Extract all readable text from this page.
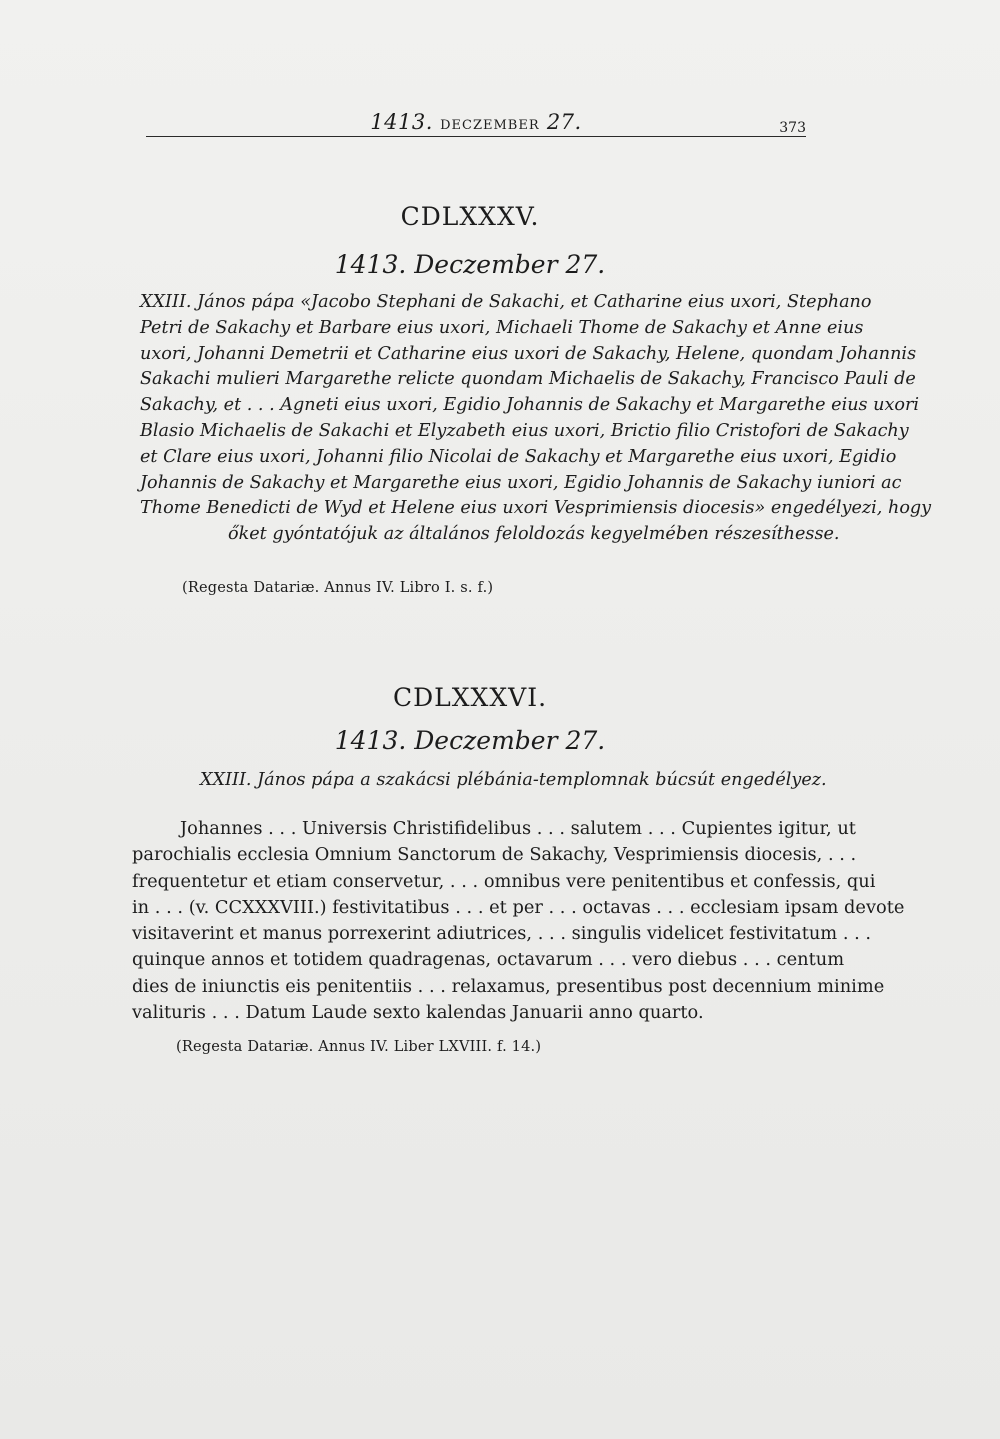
1413. DECZEMBER 27.	373
CDLXXXV.
1413. Deczember 27.
XXIII. János pápa «Jacobo Stephani de Sakachi, et Catharine eius uxori, Stephano
Petri de Sakachy et Barbare eius uxori, Michaeli Thome de Sakachy et Anne eius
uxori, Johanni Demetrii et Catharine eius uxori de Sakachy, Helene, quondam Johannis
Sakachi mulieri Margarethe relicte quondam Michaelis de Sakachy, Francisco Pauli de
Sakachy, et . . . Agneti eius uxori, Egidio Johannis de Sakachy et Margarethe eius uxori
Blasio Michaelis de Sakachi et Elyzabeth eius uxori, Brictio filio Cristofori de Sakachy
et Clare eius uxori, Johanni filio Nicolai de Sakachy et Margarethe eius uxori, Egidio
Johannis de Sakachy et Margarethe eius uxori, Egidio Johannis de Sakachy iuniori ac
Thome Benedicti de Wyd et Helene eius uxori Vesprimiensis diocesis» engedélyezi, hogy
őket gyóntatójuk az általános feloldozás kegyelmében részesíthesse.
(Regesta Datariæ. Annus IV. Libro I. s. f.)
CDLXXXVI.
1413. Deczember 27.
XXIII. János pápa a szakácsi plébánia-templomnak búcsút engedélyez.
Johannes . . . Universis Christifidelibus . . . salutem . . . Cupientes igitur, ut
parochialis ecclesia Omnium Sanctorum de Sakachy, Vesprimiensis diocesis, . . .
frequentetur et etiam conservetur, . . . omnibus vere penitentibus et confessis, qui
in . . . (v. CCXXXVIII.) festivitatibus . . . et per . . . octavas . . . ecclesiam ipsam devote
visitaverint et manus porrexerint adiutrices, . . . singulis videlicet festivitatum . . .
quinque annos et totidem quadragenas, octavarum . . . vero diebus . . . centum
dies de iniunctis eis penitentiis . . . relaxamus, presentibus post decennium minime
valituris . . . Datum Laude sexto kalendas Januarii anno quarto.
(Regesta Datariæ. Annus IV. Liber LXVIII. f. 14.)
